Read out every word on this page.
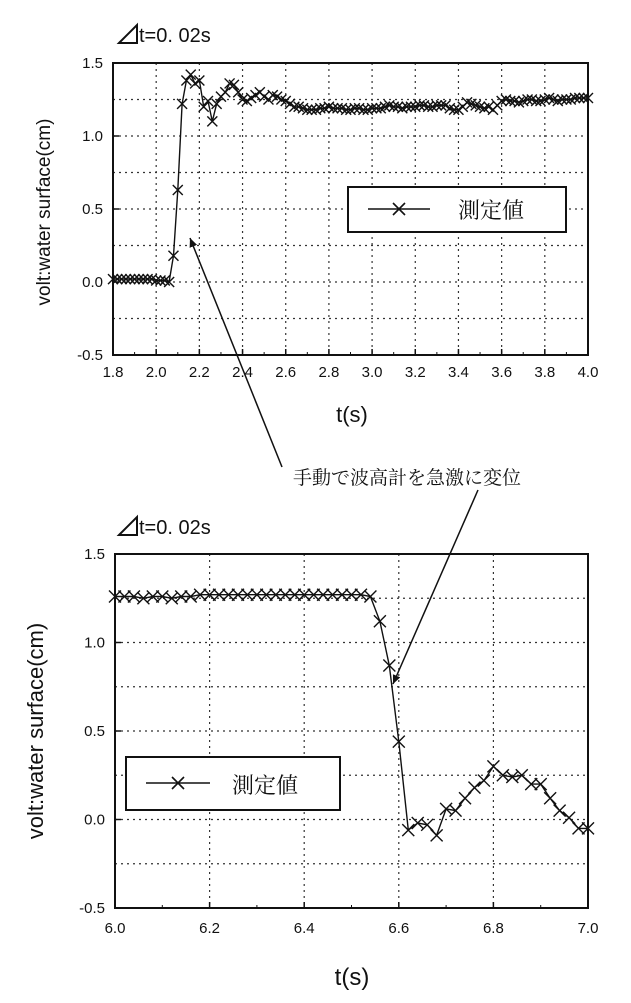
1.8 2.0 2.2 2.4 2.6 2.8 3.0 3.2 3.4 3.6 3.8 4.0
-0.5
0.0
0.5
1.0
1.5
t=0. 02s
t(s)
volt:water surface(cm)	測定値
6.0	6.2	6.4	6.6	6.8	7.0
-0.5
0.0
0.5
1.0
1.5
t=0. 02s
t(s)
volt:water surface(cm)	測定値
手動で波高計を急激に変位
